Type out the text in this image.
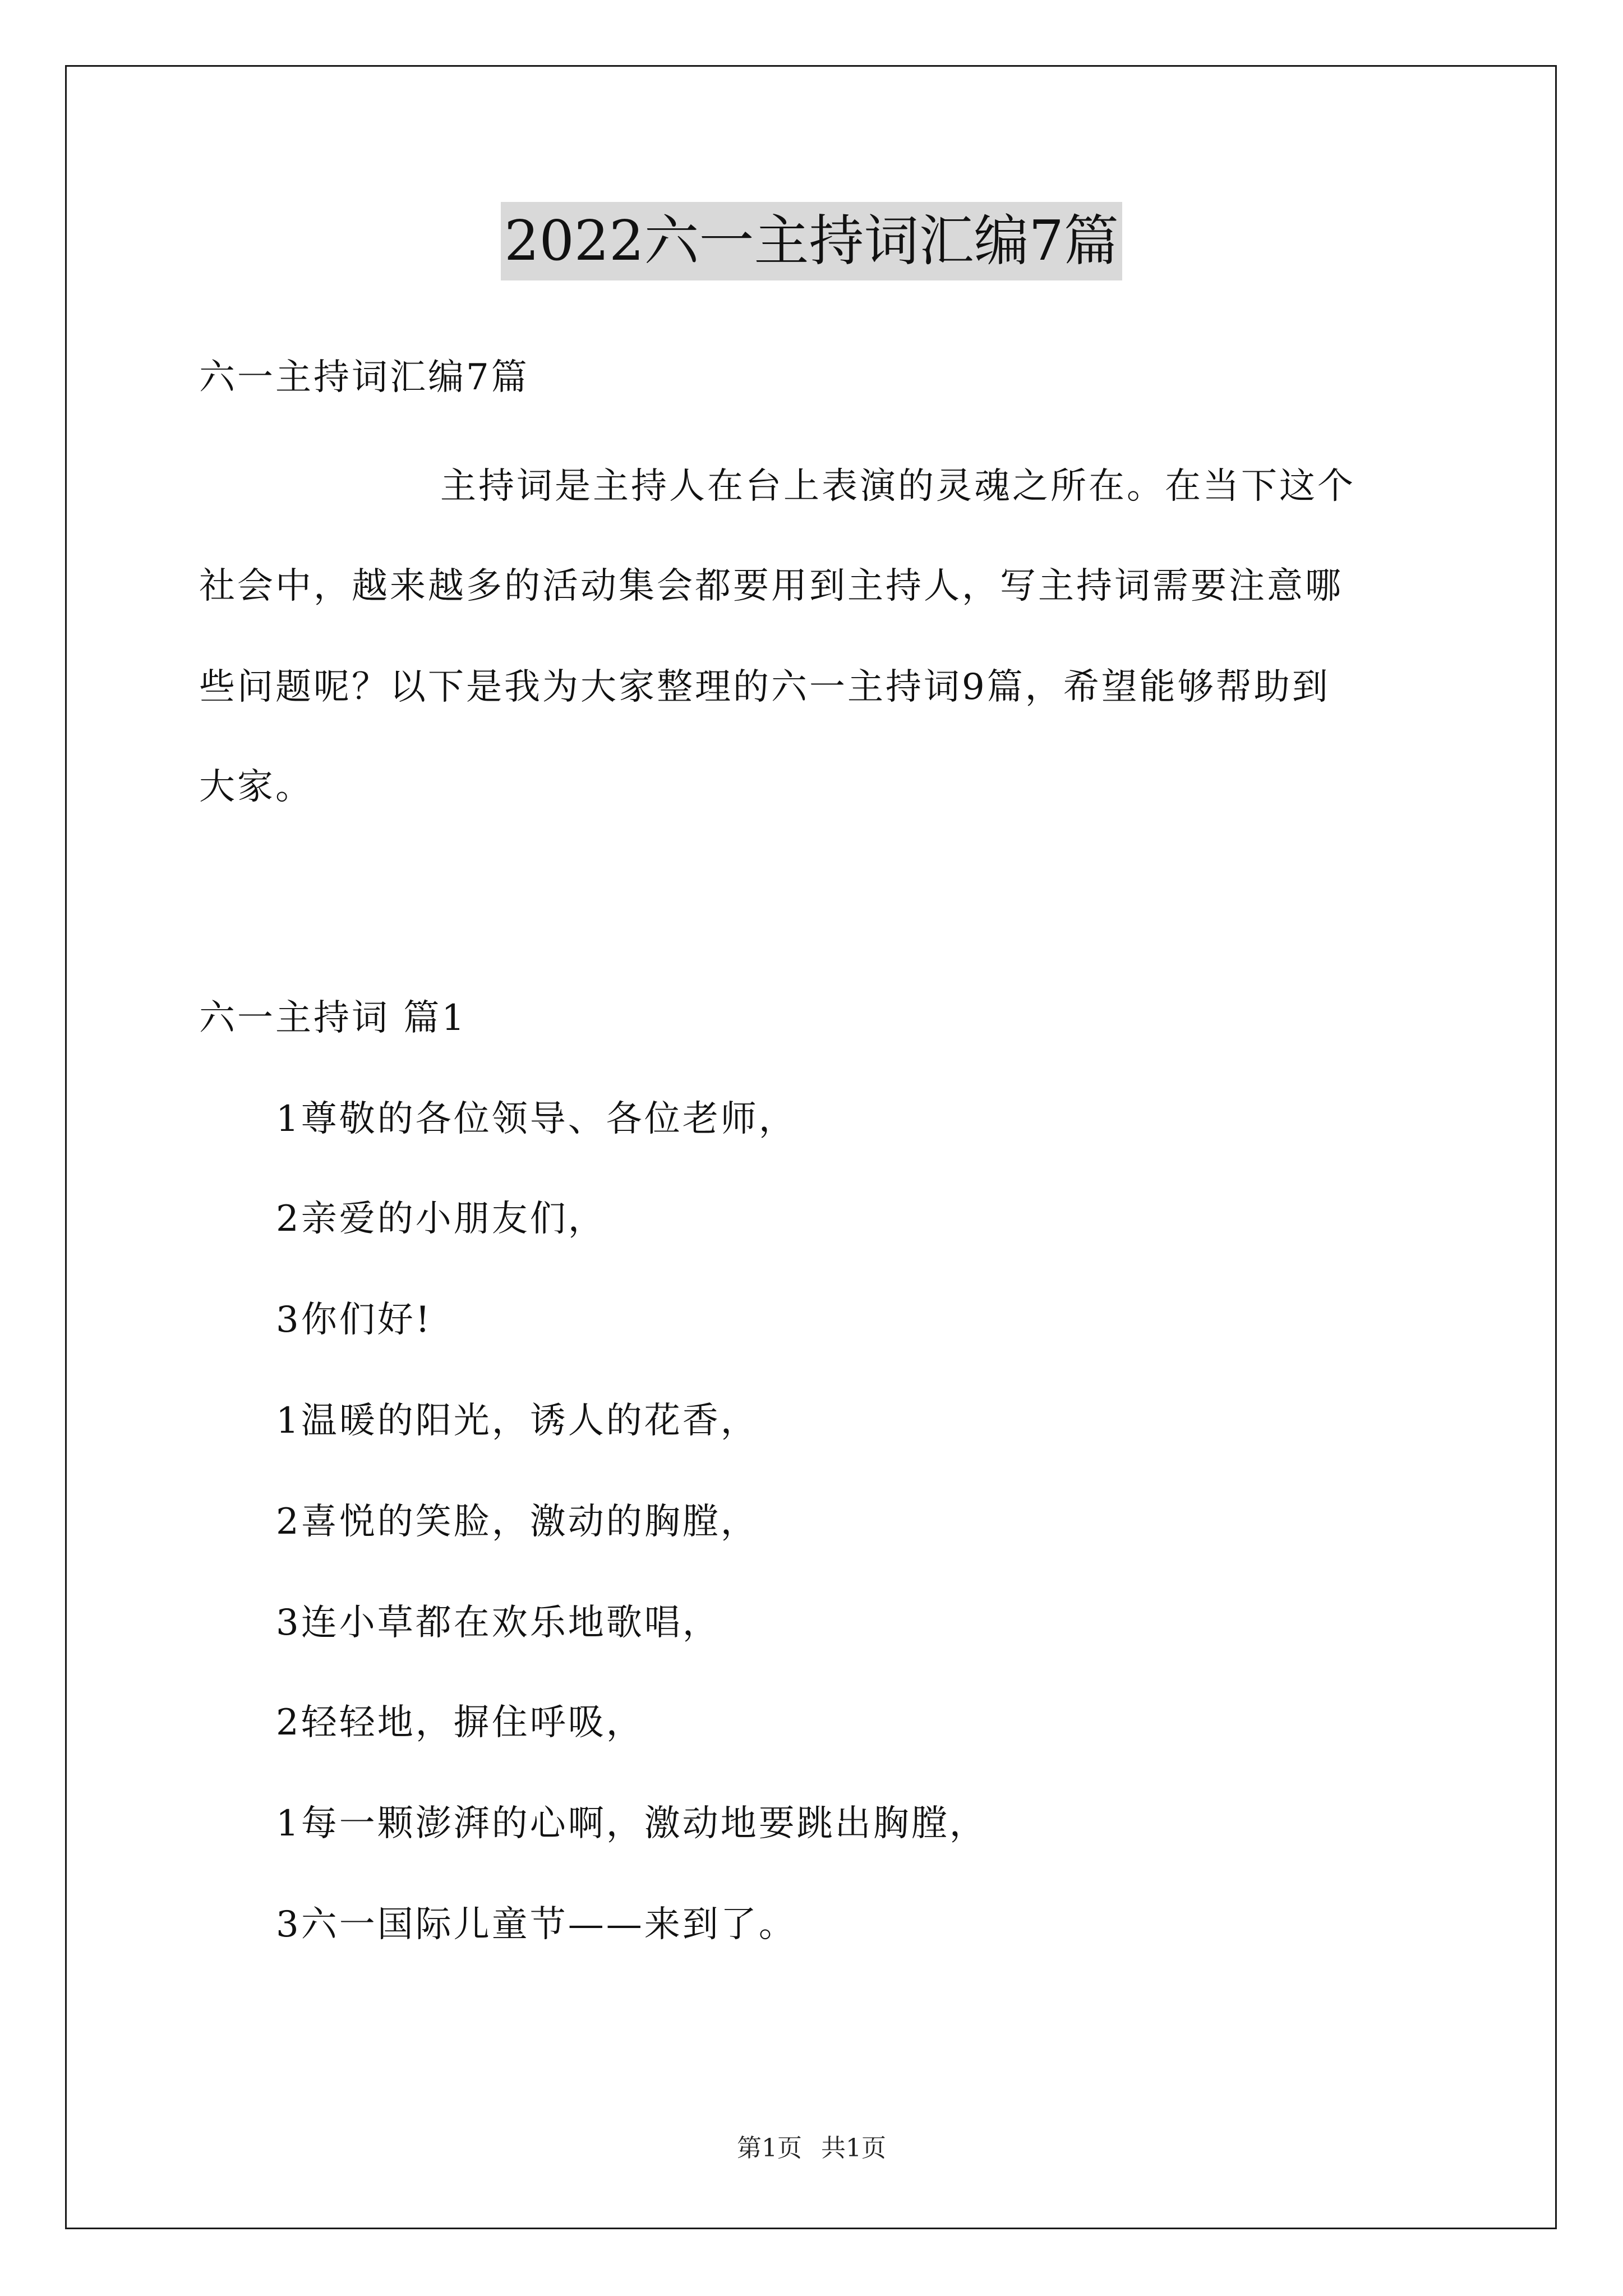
2022六一主持词汇编7篇
六一主持词汇编7篇
主持词是主持人在台上表演的灵魂之所在。在当下这个
社会中，越来越多的活动集会都要用到主持人，写主持词需要注意哪
些问题呢？以下是我为大家整理的六一主持词9篇，希望能够帮助到
大家。
六一主持词 篇1
1尊敬的各位领导、各位老师，
2亲爱的小朋友们，
3你们好!
1温暖的阳光，诱人的花香，
2喜悦的笑脸，激动的胸膛，
3连小草都在欢乐地歌唱，
2轻轻地，摒住呼吸，
1每一颗澎湃的心啊，激动地要跳出胸膛，
3六一国际儿童节——来到了。
第1页 共1页
